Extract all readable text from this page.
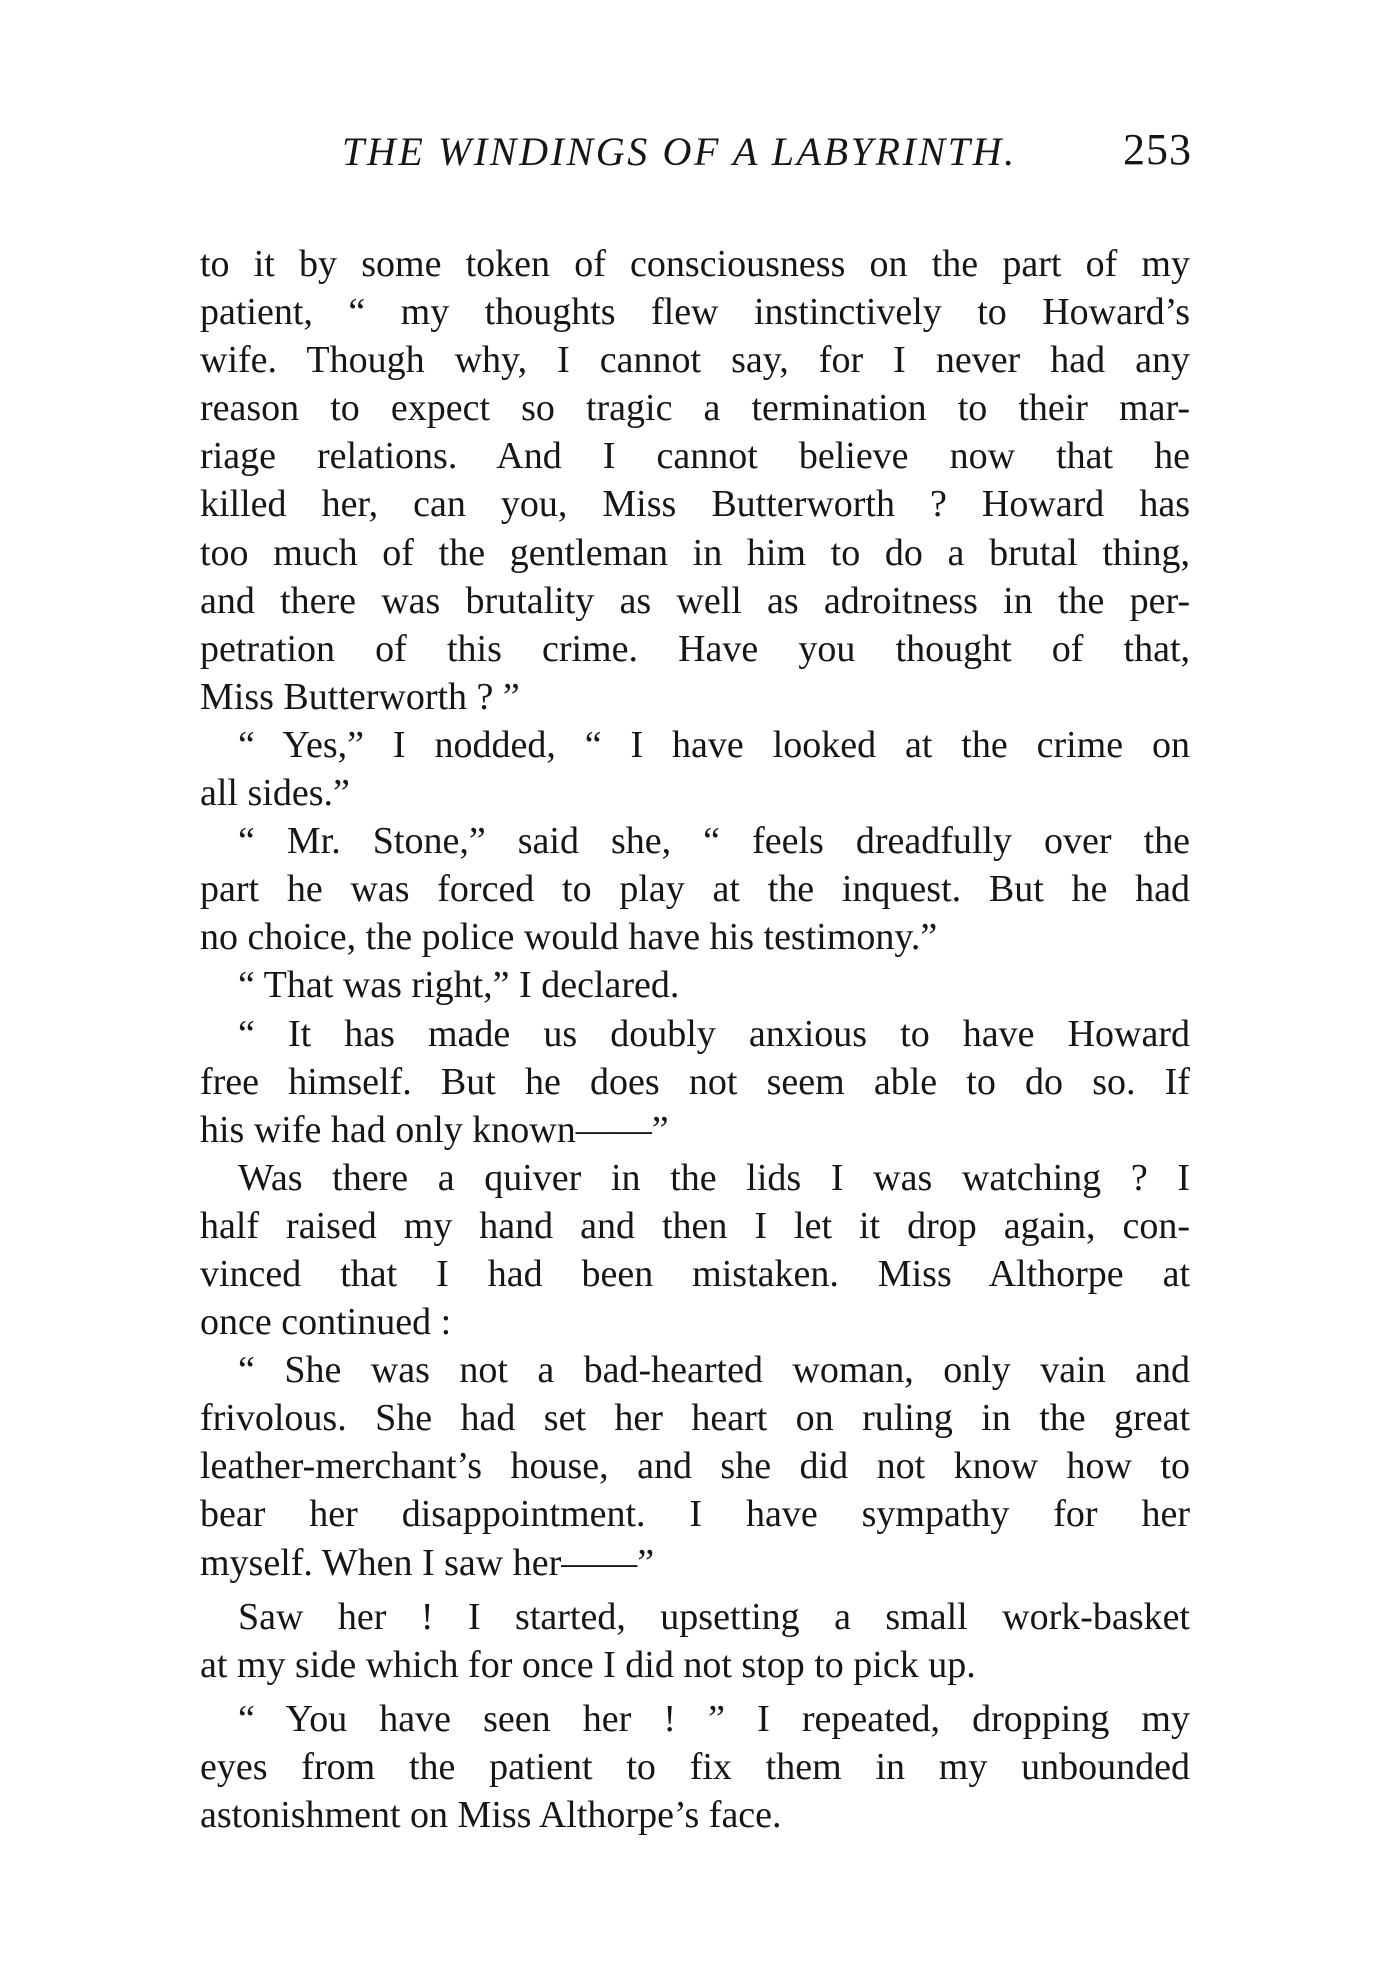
THE WINDINGS OF A LABYRINTH. 253
to it by some token of consciousness on the part of my
patient, “ my thoughts flew instinctively to Howard’s
wife. Though why, I cannot say, for I never had any
reason to expect so tragic a termination to their mar-
riage relations. And I cannot believe now that he
killed her, can you, Miss Butterworth ? Howard has
too much of the gentleman in him to do a brutal thing,
and there was brutality as well as adroitness in the per-
petration of this crime. Have you thought of that,
Miss Butterworth ? ”
“ Yes,” I nodded, “ I have looked at the crime on
all sides.”
“ Mr. Stone,” said she, “ feels dreadfully over the
part he was forced to play at the inquest. But he had
no choice, the police would have his testimony.”
“ That was right,” I declared.
“ It has made us doubly anxious to have Howard
free himself. But he does not seem able to do so. If
his wife had only known——”
Was there a quiver in the lids I was watching ? I
half raised my hand and then I let it drop again, con-
vinced that I had been mistaken. Miss Althorpe at
once continued :
“ She was not a bad-hearted woman, only vain and
frivolous. She had set her heart on ruling in the great
leather-merchant’s house, and she did not know how to
bear her disappointment. I have sympathy for her
myself. When I saw her——”
Saw her ! I started, upsetting a small work-basket
at my side which for once I did not stop to pick up.
“ You have seen her ! ” I repeated, dropping my
eyes from the patient to fix them in my unbounded
astonishment on Miss Althorpe’s face.
